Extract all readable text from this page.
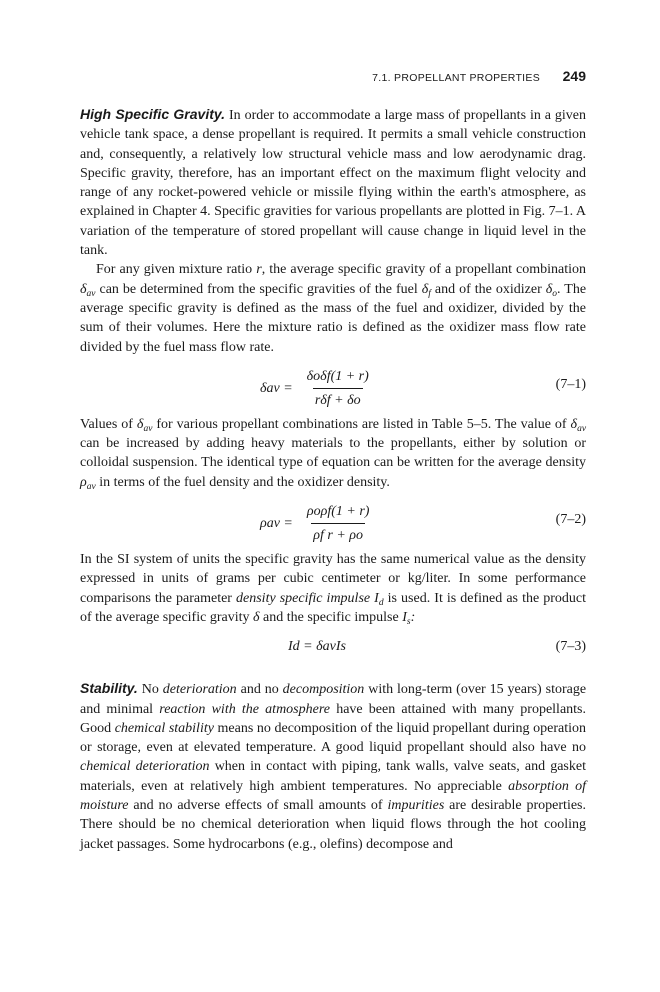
7.1. PROPELLANT PROPERTIES 249

High Specific Gravity. In order to accommodate a large mass of propellants in a given vehicle tank space, a dense propellant is required. It permits a small vehicle construction and, consequently, a relatively low structural vehicle mass and low aerodynamic drag. Specific gravity, therefore, has an important effect on the maximum flight velocity and range of any rocket-powered vehicle or missile flying within the earth's atmosphere, as explained in Chapter 4. Specific gravities for various propellants are plotted in Fig. 7–1. A variation of the temperature of stored propellant will cause change in liquid level in the tank.

For any given mixture ratio r, the average specific gravity of a propellant combination $\delta_{av}$ can be determined from the specific gravities of the fuel $\delta_f$ and of the oxidizer $\delta_o$. The average specific gravity is defined as the mass of the fuel and oxidizer, divided by the sum of their volumes. Here the mixture ratio is defined as the oxidizer mass flow rate divided by the fuel mass flow rate.

$\delta av = \frac{\text{δoδf(1 + r)}}{\text{rδf + δo}}$	(7–1)

Values of $\delta_{av}$ for various propellant combinations are listed in Table 5–5. The value of $\delta_{av}$ can be increased by adding heavy materials to the propellants, either by solution or colloidal suspension. The identical type of equation can be written for the average density $\rho_{av}$ in terms of the fuel density and the oxidizer density.

$\rho av = \frac{\text{ρoρf(1 + r)}}{\text{ρf r + ρo}}$	(7–2)

In the SI system of units the specific gravity has the same numerical value as the density expressed in units of grams per cubic centimeter or kg/liter. In some performance comparisons the parameter density specific impulse $I_d$ is used. It is defined as the product of the average specific gravity δ and the specific impulse $I_s$:

Id = δavIs	(7–3)

Stability. No deterioration and no decomposition with long-term (over 15 years) storage and minimal reaction with the atmosphere have been attained with many propellants. Good chemical stability means no decomposition of the liquid propellant during operation or storage, even at elevated temperature. A good liquid propellant should also have no chemical deterioration when in contact with piping, tank walls, valve seats, and gasket materials, even at relatively high ambient temperatures. No appreciable absorption of moisture and no adverse effects of small amounts of impurities are desirable properties. There should be no chemical deterioration when liquid flows through the hot cooling jacket passages. Some hydrocarbons (e.g., olefins) decompose and
